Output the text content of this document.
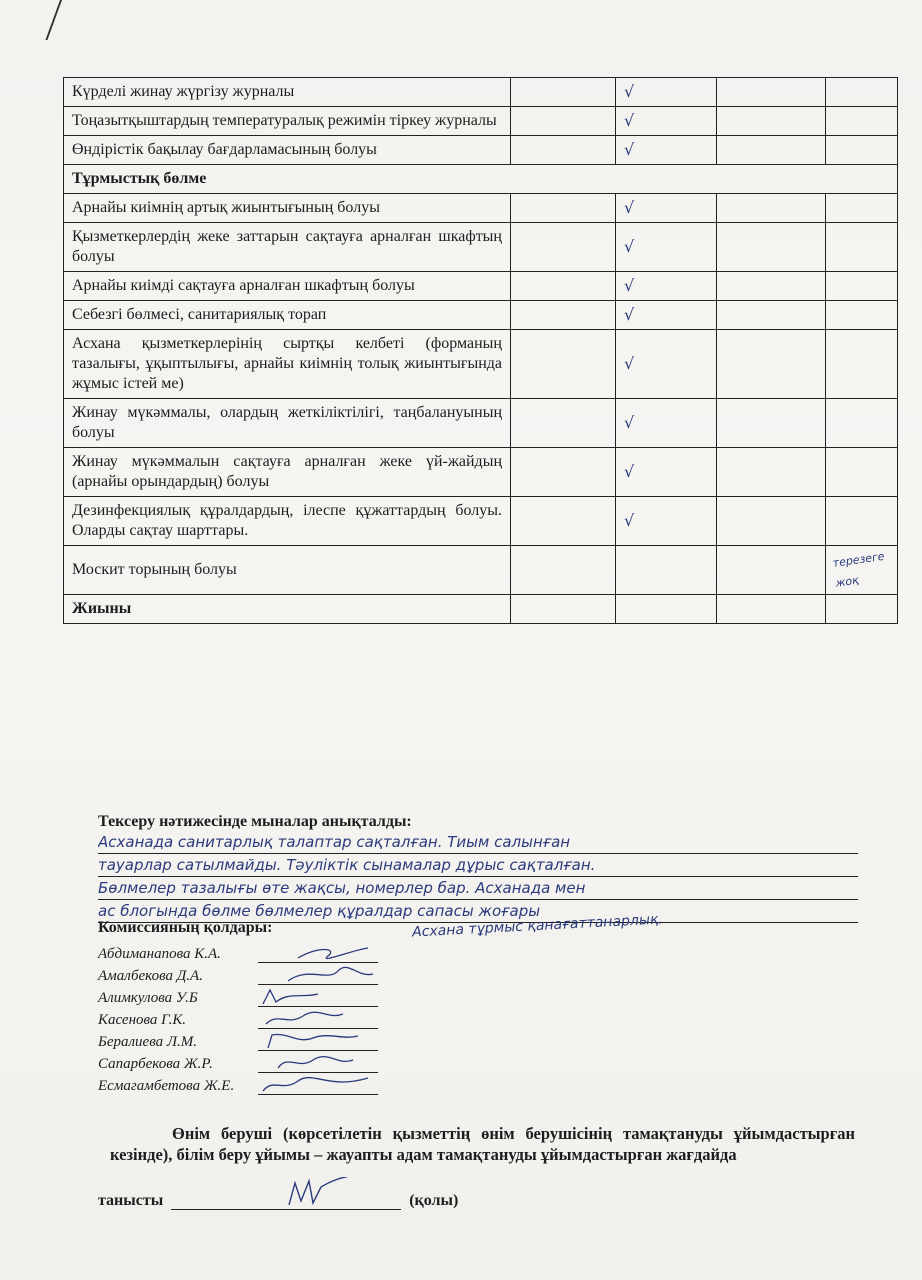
Күрделі жинау жүргізу журналы		√		
Тоңазытқыштардың температуралық режимін тіркеу журналы		√		
Өндірістік бақылау бағдарламасының болуы		√		
Тұрмыстық бөлме				
Арнайы киімнің артық жиынтығының болуы		√		
Қызметкерлердің жеке заттарын сақтауға арналған шкафтың болуы		√		
Арнайы киімді сақтауға арналған шкафтың болуы		√		
Себезгі бөлмесі, санитариялық торап		√		
Асхана қызметкерлерінің сыртқы келбеті (форманың тазалығы, ұқыптылығы, арнайы киімнің толық жиынтығында жұмыс істей ме)		√		
Жинау мүкәммалы, олардың жеткіліктілігі, таңбалануының болуы		√		
Жинау мүкәммалын сақтауға арналған жеке үй-жайдың (арнайы орындардың) болуы		√		
Дезинфекциялық құралдардың, ілеспе құжаттардың болуы. Оларды сақтау шарттары.		√		
Москит торының болуы				терезеге жоқ
Жиыны				
Тексеру нәтижесінде мыналар анықталды:
Асханада санитарлық талаптар сақталған. Тиым салынған
тауарлар сатылмайды. Тәуліктік сынамалар дұрыс сақталған.
Бөлмелер тазалығы өте жақсы, номерлер бар. Асханада мен
ас блогында бөлме бөлмелер құралдар сапасы жоғары
Асхана тұрмыс қанағаттанарлық.
Комиссияның қолдары:
Абдиманапова К.А.
Амалбекова Д.А.
Алимкулова У.Б
Касенова Г.К.
Бералиева Л.М.
Сапарбекова Ж.Р.
Есмагамбетова Ж.Е.
Өнім беруші (көрсетілетін қызметтің өнім берушісінің тамақтануды ұйымдастырған кезінде), білім беру ұйымы – жауапты адам тамақтануды ұйымдастырған жағдайда
танысты	(қолы)
